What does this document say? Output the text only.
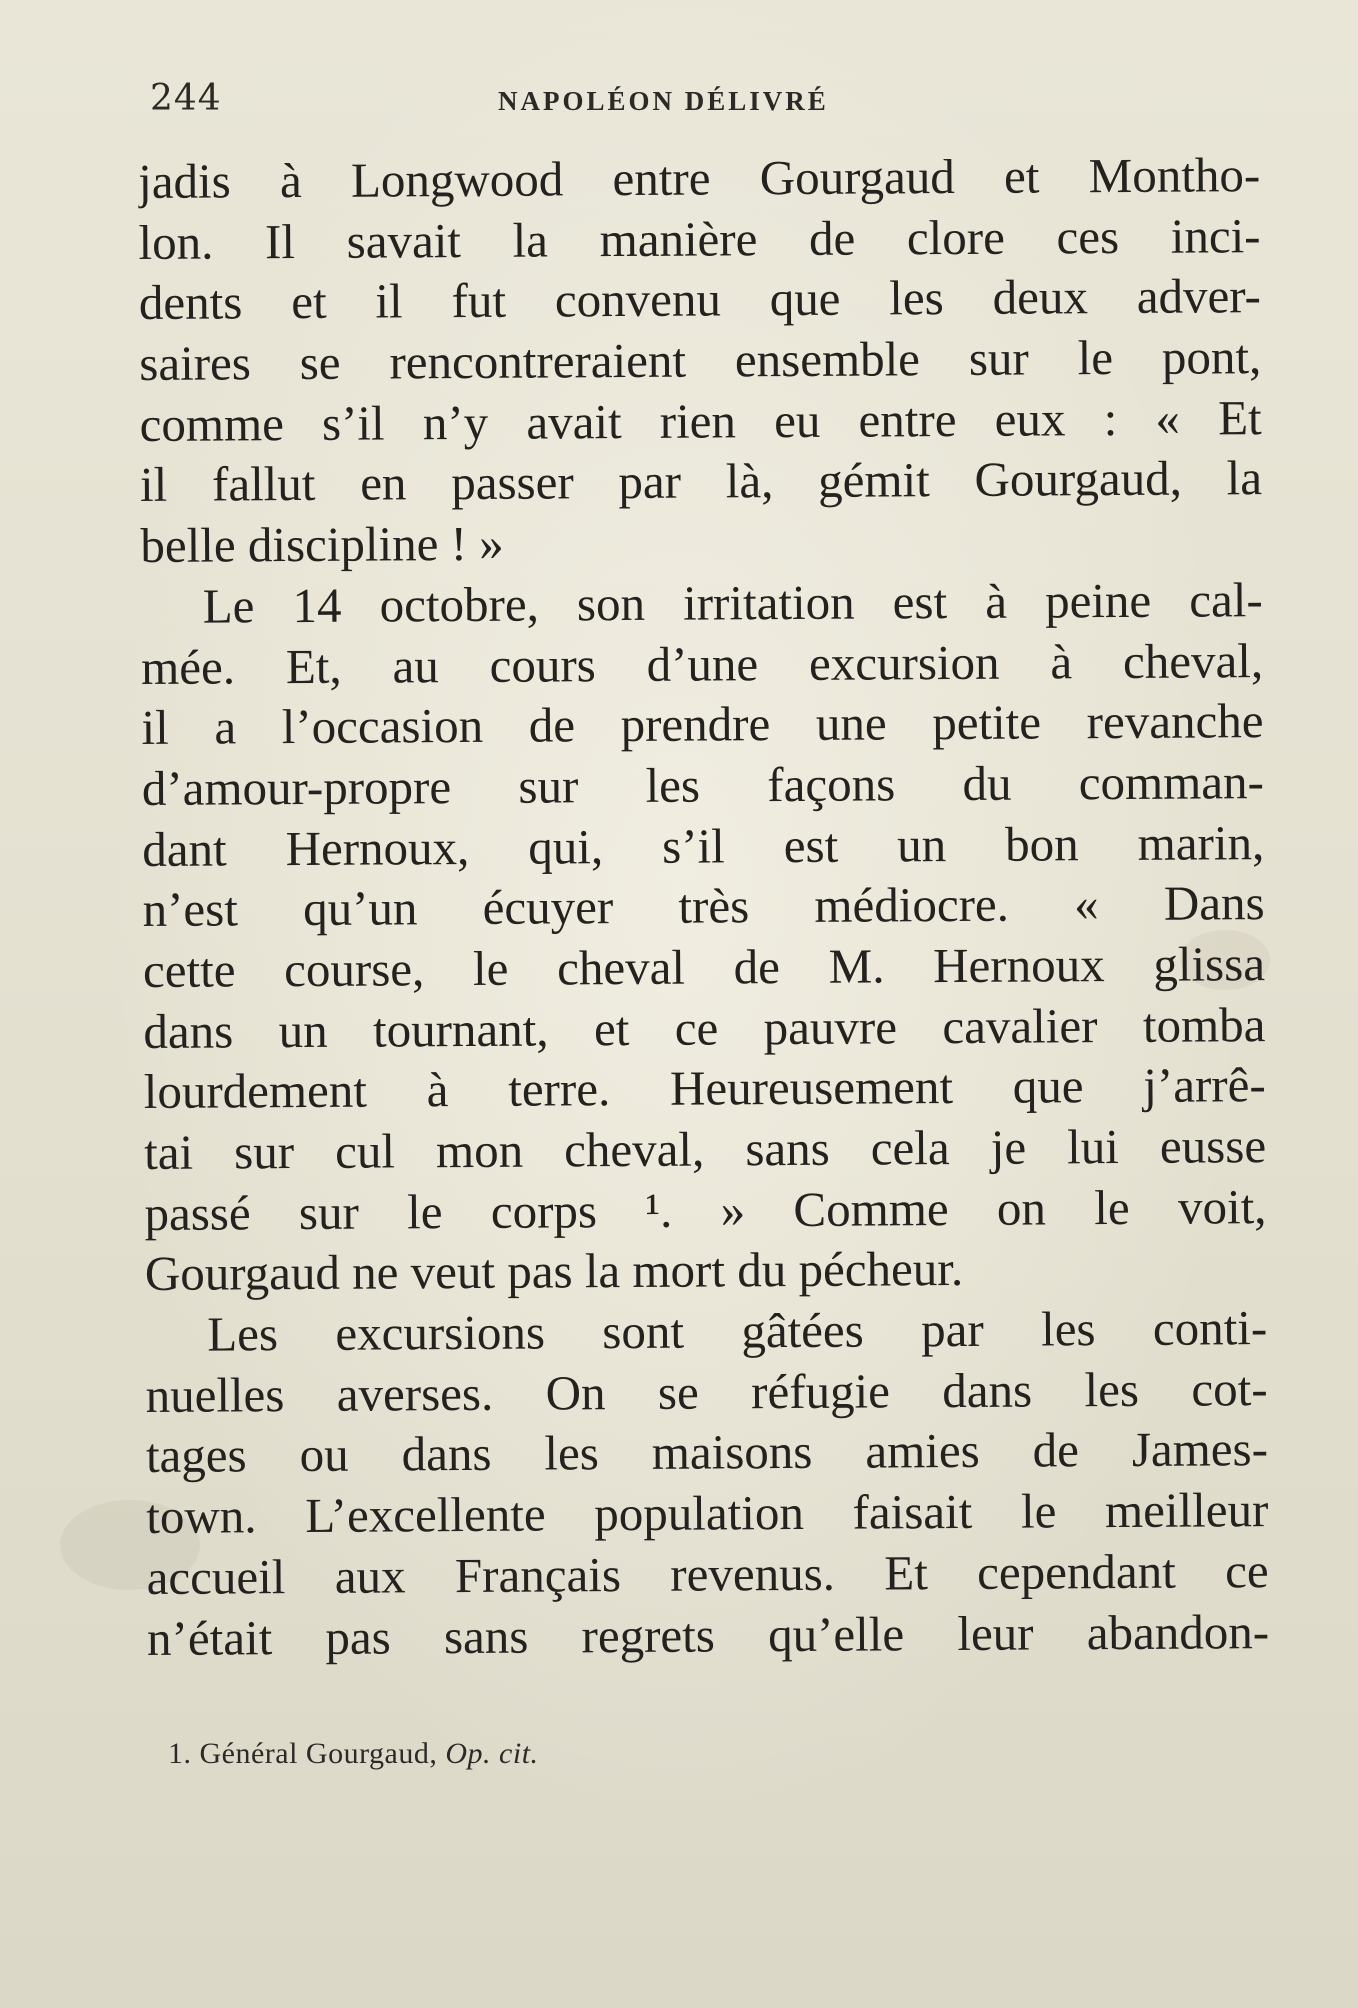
244	NAPOLÉON DÉLIVRÉ
jadis à Longwood entre Gourgaud et Montho-
lon. Il savait la manière de clore ces inci-
dents et il fut convenu que les deux adver-
saires se rencontreraient ensemble sur le pont,
comme s’il n’y avait rien eu entre eux : « Et
il fallut en passer par là, gémit Gourgaud, la
belle discipline ! »
Le 14 octobre, son irritation est à peine cal-
mée. Et, au cours d’une excursion à cheval,
il a l’occasion de prendre une petite revanche
d’amour-propre sur les façons du comman-
dant Hernoux, qui, s’il est un bon marin,
n’est qu’un écuyer très médiocre. « Dans
cette course, le cheval de M. Hernoux glissa
dans un tournant, et ce pauvre cavalier tomba
lourdement à terre. Heureusement que j’arrê-
tai sur cul mon cheval, sans cela je lui eusse
passé sur le corps ¹. » Comme on le voit,
Gourgaud ne veut pas la mort du pécheur.
Les excursions sont gâtées par les conti-
nuelles averses. On se réfugie dans les cot-
tages ou dans les maisons amies de James-
town. L’excellente population faisait le meilleur
accueil aux Français revenus. Et cependant ce
n’était pas sans regrets qu’elle leur abandon-
1. Général Gourgaud, Op. cit.
